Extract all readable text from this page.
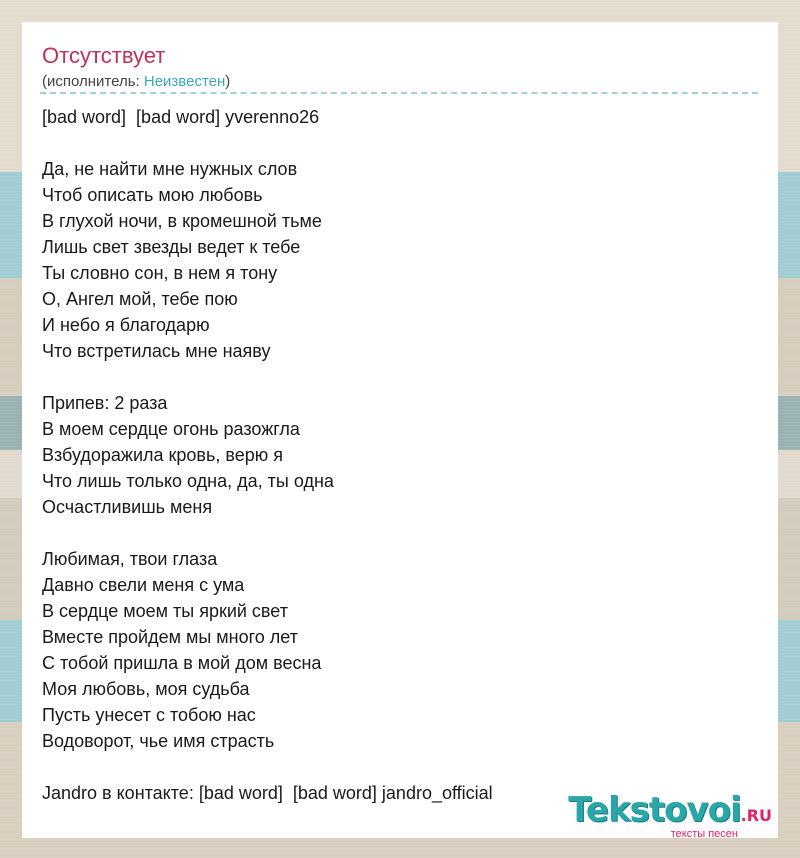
Отсутствует
(исполнитель: Неизвестен)
[bad word]  [bad word] yverenno26
Да, не найти мне нужных слов
Чтоб описать мою любовь
В глухой ночи, в кромешной тьме
Лишь свет звезды ведет к тебе
Ты словно сон, в нем я тону
О, Ангел мой, тебе пою
И небо я благодарю
Что встретилась мне наяву
Припев: 2 раза
В моем сердце огонь разожгла
Взбудоражила кровь, верю я
Что лишь только одна, да, ты одна
Осчастливишь меня
Любимая, твои глаза
Давно свели меня с ума
В сердце моем ты яркий свет
Вместе пройдем мы много лет
С тобой пришла в мой дом весна
Моя любовь, моя судьба
Пусть унесет с тобою нас
Водоворот, чье имя страсть
Jandro в контакте: [bad word]  [bad word] jandro_official	Tekstovoi.RU
тексты песен
